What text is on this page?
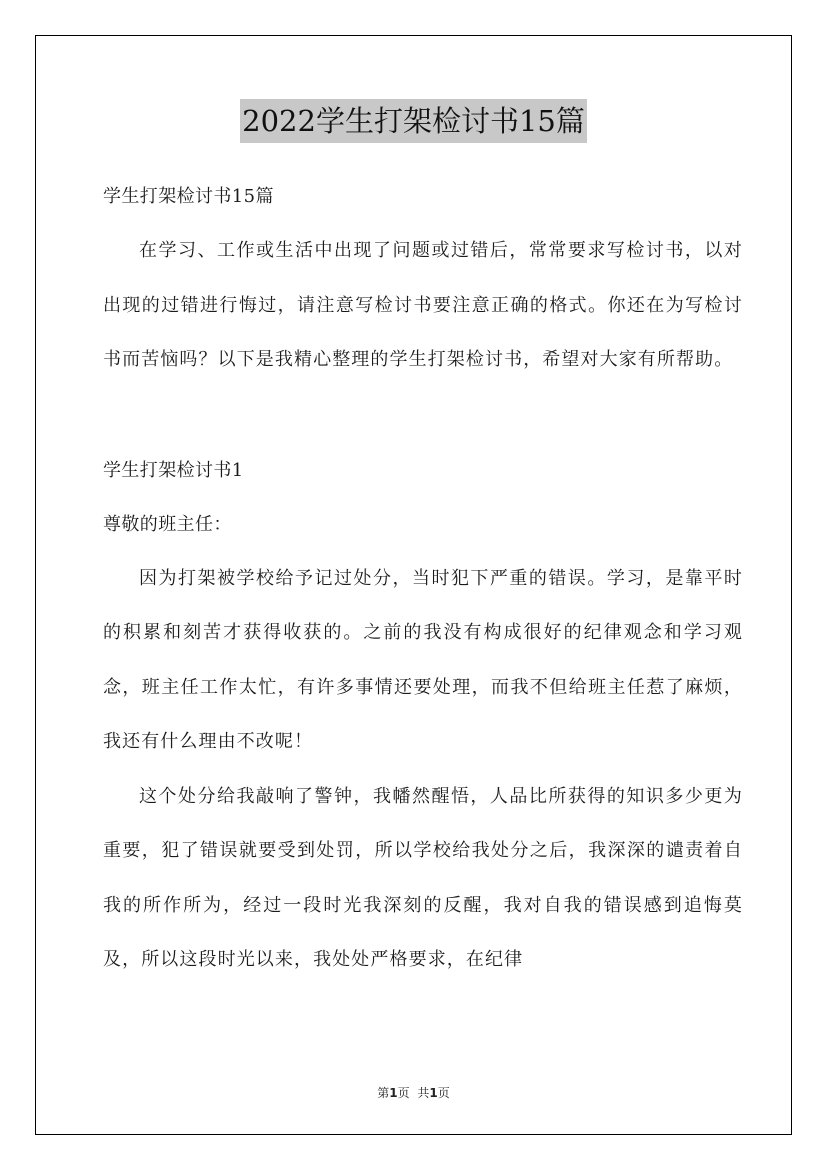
2022学生打架检讨书15篇
学生打架检讨书15篇

在学习、工作或生活中出现了问题或过错后，常常要求写检讨书，以对出现的过错进行悔过，请注意写检讨书要注意正确的格式。你还在为写检讨书而苦恼吗？以下是我精心整理的学生打架检讨书，希望对大家有所帮助。

学生打架检讨书1
尊敬的班主任：

因为打架被学校给予记过处分，当时犯下严重的错误。学习，是靠平时的积累和刻苦才获得收获的。之前的我没有构成很好的纪律观念和学习观念，班主任工作太忙，有许多事情还要处理，而我不但给班主任惹了麻烦，我还有什么理由不改呢！

这个处分给我敲响了警钟，我幡然醒悟，人品比所获得的知识多少更为重要，犯了错误就要受到处罚，所以学校给我处分之后，我深深的谴责着自我的所作所为，经过一段时光我深刻的反醒，我对自我的错误感到追悔莫及，所以这段时光以来，我处处严格要求，在纪律

第1页 共1页
